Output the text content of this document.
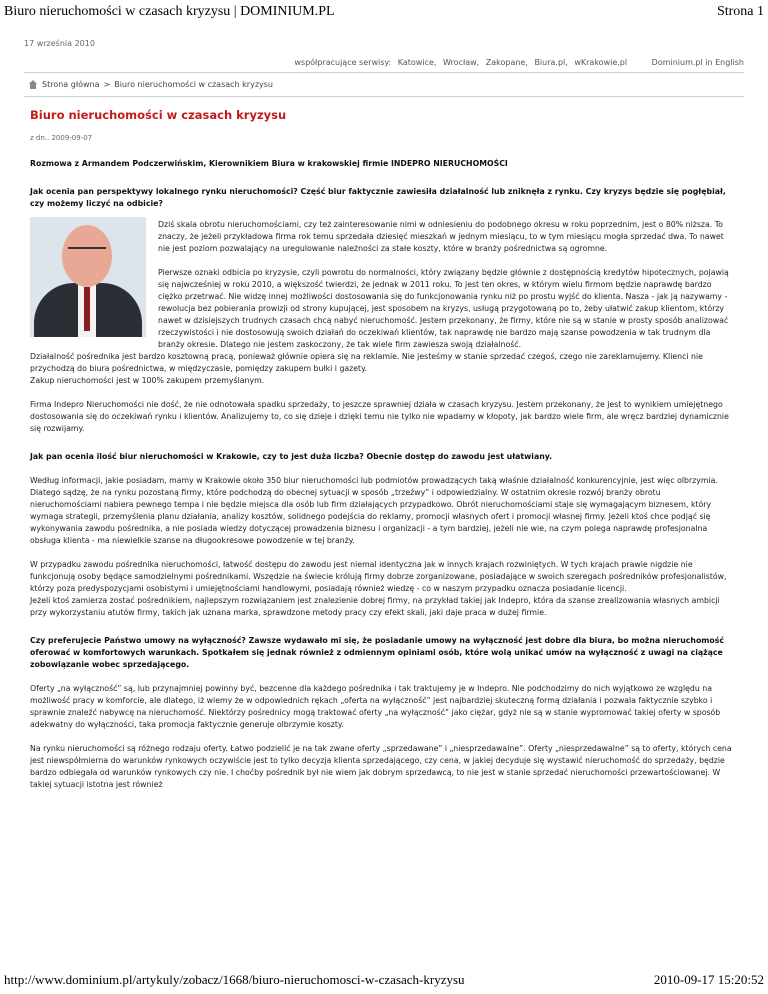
Biuro nieruchomości w czasach kryzysu | DOMINIUM.PL	Strona 1
17 września 2010
współpracujące serwisy: Katowice, Wrocław, Zakopane, Biura.pl, wKrakowie.pl	Dominium.pl in English
Strona główna > Biuro nieruchomości w czasach kryzysu
Biuro nieruchomości w czasach kryzysu
z dn.. 2009-09-07

Rozmowa z Armandem Podczerwińskim, Kierownikiem Biura w krakowskiej firmie INDEPRO NIERUCHOMOŚCI

Jak ocenia pan perspektywy lokalnego rynku nieruchomości? Część biur faktycznie zawiesiła działalność lub zniknęła z rynku. Czy kryzys będzie się pogłębiał, czy możemy liczyć na odbicie?

Dziś skala obrotu nieruchomościami, czy też zainteresowanie nimi w odniesieniu do podobnego okresu w roku poprzednim, jest o 80% niższa. To znaczy, że jeżeli przykładowa firma rok temu sprzedała dziesięć mieszkań w jednym miesiącu, to w tym miesiącu mogła sprzedać dwa. To nawet nie jest poziom pozwalający na uregulowanie należności za stałe koszty, które w branży pośrednictwa są ogromne.

Pierwsze oznaki odbicia po kryzysie, czyli powrotu do normalności, który związany będzie głównie z dostępnością kredytów hipotecznych, pojawią się najwcześniej w roku 2010, a większość twierdzi, że jednak w 2011 roku. To jest ten okres, w którym wielu firmom będzie naprawdę bardzo ciężko przetrwać. Nie widzę innej możliwości dostosowania się do funkcjonowania rynku niż po prostu wyjść do klienta. Nasza - jak ją nazywamy - rewolucja bez pobierania prowizji od strony kupującej, jest sposobem na kryzys, usługą przygotowaną po to, żeby ułatwić zakup klientom, którzy nawet w dzisiejszych trudnych czasach chcą nabyć nieruchomość. Jestem przekonany, że firmy, które nie są w stanie w prosty sposób analizować rzeczywistości i nie dostosowują swoich działań do oczekiwań klientów, tak naprawdę nie bardzo mają szanse powodzenia w tak trudnym dla branży okresie. Dlatego nie jestem zaskoczony, że tak wiele firm zawiesza swoją działalność.

Działalność pośrednika jest bardzo kosztowną pracą, ponieważ głównie opiera się na reklamie. Nie jesteśmy w stanie sprzedać czegoś, czego nie zareklamujemy. Klienci nie przychodzą do biura pośrednictwa, w międzyczasie, pomiędzy zakupem bułki i gazety.
Zakup nieruchomości jest w 100% zakupem przemyślanym.

Firma Indepro Nieruchomości nie dość, że nie odnotowała spadku sprzedaży, to jeszcze sprawniej działa w czasach kryzysu. Jestem przekonany, że jest to wynikiem umiejętnego dostosowania się do oczekiwań rynku i klientów. Analizujemy to, co się dzieje i dzięki temu nie tylko nie wpadamy w kłopoty, jak bardzo wiele firm, ale wręcz bardziej dynamicznie się rozwijamy.

Jak pan ocenia ilość biur nieruchomości w Krakowie, czy to jest duża liczba? Obecnie dostęp do zawodu jest ułatwiany.

Według informacji, jakie posiadam, mamy w Krakowie około 350 biur nieruchomości lub podmiotów prowadzących taką właśnie działalność konkurencyjnie, jest więc olbrzymia. Dlatego sądzę, że na rynku pozostaną firmy, które podchodzą do obecnej sytuacji w sposób „trzeźwy” i odpowiedzialny. W ostatnim okresie rozwój branży obrotu nieruchomościami nabiera pewnego tempa i nie będzie miejsca dla osób lub firm działających przypadkowo. Obrót nieruchomościami staje się wymagającym biznesem, który wymaga strategii, przemyślenia planu działania, analizy kosztów, solidnego podejścia do reklamy, promocji własnych ofert i promocji własnej firmy. Jeżeli ktoś chce podjąć się wykonywania zawodu pośrednika, a nie posiada wiedzy dotyczącej prowadzenia biznesu i organizacji - a tym bardziej, jeżeli nie wie, na czym polega naprawdę profesjonalna obsługa klienta - ma niewielkie szanse na długookresowe powodzenie w tej branży.

W przypadku zawodu pośrednika nieruchomości, łatwość dostępu do zawodu jest niemal identyczna jak w innych krajach rozwiniętych. W tych krajach prawie nigdzie nie funkcjonują osoby będące samodzielnymi pośrednikami. Wszędzie na świecie królują firmy dobrze zorganizowane, posiadające w swoich szeregach pośredników profesjonalistów, którzy poza predyspozycjami osobistymi i umiejętnościami handlowymi, posiadają również wiedzę - co w naszym przypadku oznacza posiadanie licencji.

Jeżeli ktoś zamierza zostać pośrednikiem, najlepszym rozwiązaniem jest znalezienie dobrej firmy, na przykład takiej jak Indepro, która da szanse zrealizowania własnych ambicji przy wykorzystaniu atutów firmy, takich jak uznana marka, sprawdzone metody pracy czy efekt skali, jaki daje praca w dużej firmie.

Czy preferujecie Państwo umowy na wyłączność? Zawsze wydawało mi się, że posiadanie umowy na wyłączność jest dobre dla biura, bo można nieruchomość oferować w komfortowych warunkach. Spotkałem się jednak również z odmiennym opiniami osób, które wolą unikać umów na wyłączność z uwagi na ciążące zobowiązanie wobec sprzedającego.

Oferty „na wyłączność” są, lub przynajmniej powinny być, bezcenne dla każdego pośrednika i tak traktujemy je w Indepro. Nie podchodzimy do nich wyjątkowo ze względu na możliwość pracy w komforcie, ale dlatego, iż wiemy że w odpowiednich rękach „oferta na wyłączność” jest najbardziej skuteczną formą działania i pozwala faktycznie szybko i sprawnie znaleźć nabywcę na nieruchomość. Niektórzy pośrednicy mogą traktować oferty „na wyłączność” jako ciężar, gdyż nie są w stanie wypromować takiej oferty w sposób adekwatny do wyłączności, taka promocja faktycznie generuje olbrzymie koszty.

Na rynku nieruchomości są różnego rodzaju oferty. Łatwo podzielić je na tak zwane oferty „sprzedawane” i „niesprzedawalne”. Oferty „niesprzedawalne” są to oferty, których cena jest niewspółmierna do warunków rynkowych oczywiście jest to tylko decyzja klienta sprzedającego, czy cena, w jakiej decyduje się wystawić nieruchomość do sprzedaży, będzie bardzo odbiegała od warunków rynkowych czy nie. I choćby pośrednik był nie wiem jak dobrym sprzedawcą, to nie jest w stanie sprzedać nieruchomości przewartościowanej. W takiej sytuacji istotna jest również

http://www.dominium.pl/artykuly/zobacz/1668/biuro-nieruchomosci-w-czasach-kryzysu	2010-09-17 15:20:52
